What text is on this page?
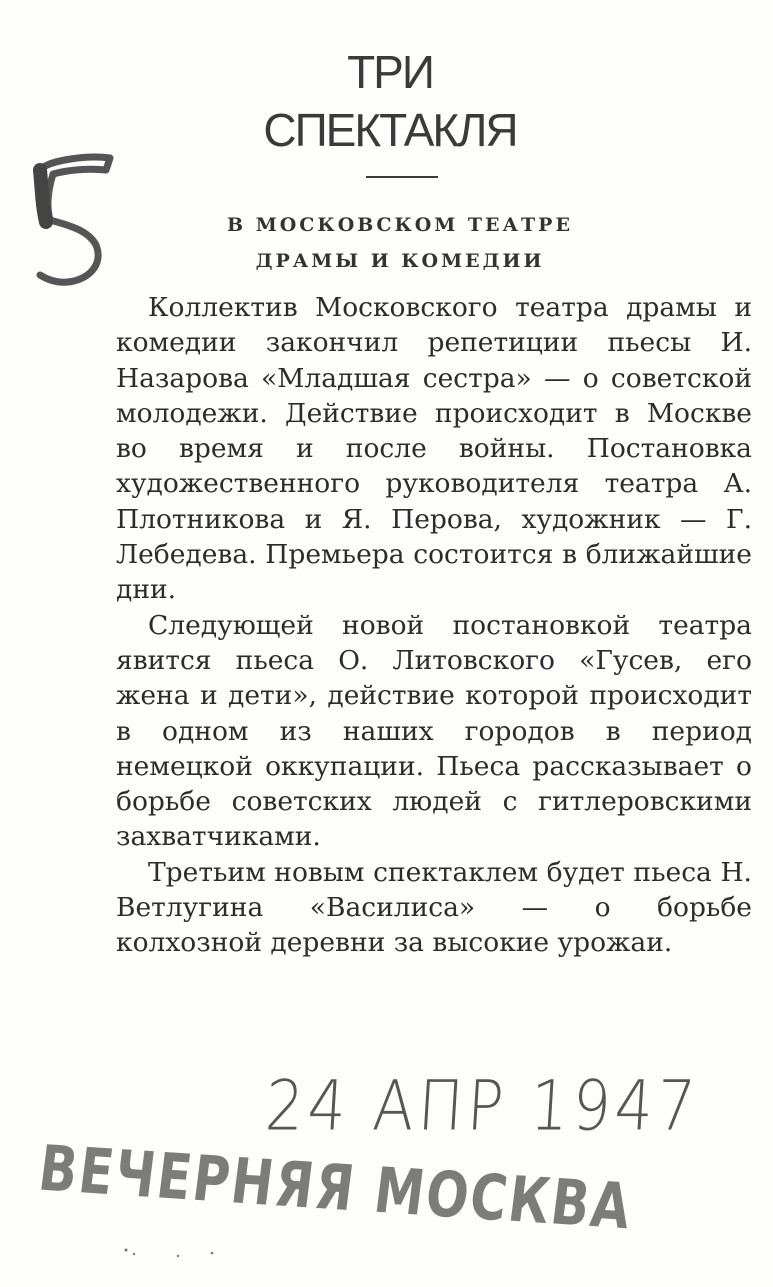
ТРИ
СПЕКТАКЛЯ
В МОСКОВСКОМ ТЕАТРЕ
ДРАМЫ И КОМЕДИИ

Коллектив Московского театра драмы и комедии закончил репетиции пьесы И. Назарова «Младшая сестра» — о советской молодежи. Действие происходит в Москве во время и после войны. Постановка художественного руководителя театра А. Плотникова и Я. Перова, художник — Г. Лебедева. Премьера состоится в ближайшие дни.

Следующей новой постановкой театра явится пьеса О. Литовского «Гусев, его жена и дети», действие которой происходит в одном из наших городов в период немецкой оккупации. Пьеса рассказывает о борьбе советских людей с гитлеровскими захватчиками.

Третьим новым спектаклем будет пьеса Н. Ветлугина «Василиса» — о борьбе колхозной деревни за высокие урожаи.

24 АПР 1947
ВЕЧЕРНЯЯ МОСКВА
